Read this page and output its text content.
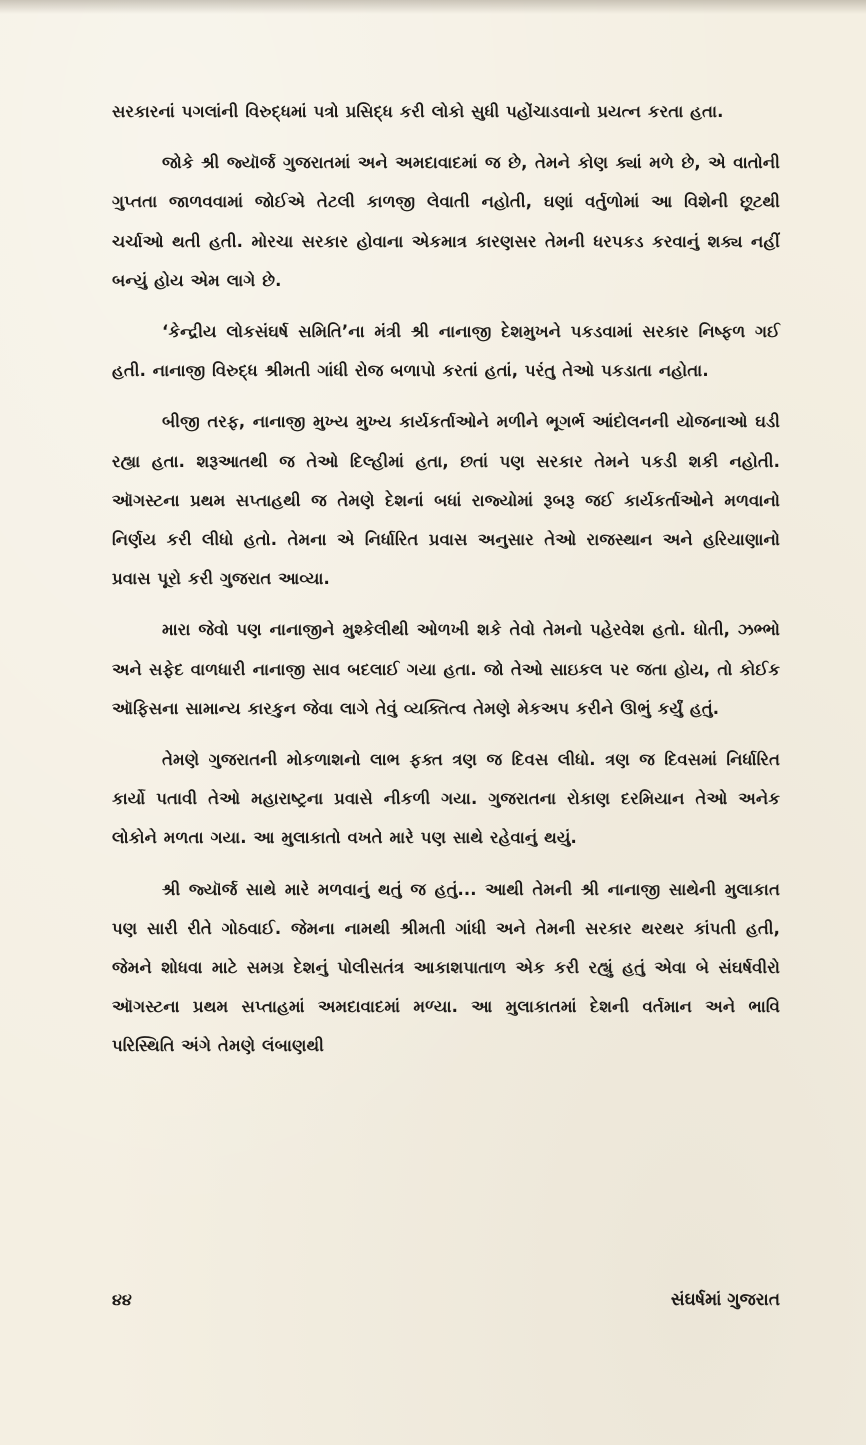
સરકારનાં પગલાંની વિરુદ્ધમાં પત્રો પ્રસિદ્ધ કરી લોકો સુધી પહોંચાડવાનો પ્રયત્ન કરતા હતા.

જોકે શ્રી જ્યૉર્જ ગુજરાતમાં અને અમદાવાદમાં જ છે, તેમને કોણ ક્યાં મળે છે, એ વાતોની ગુપ્તતા જાળવવામાં જોઈએ તેટલી કાળજી લેવાતી નહોતી, ઘણાં વર્તુળોમાં આ વિશેની છૂટથી ચર્ચાઓ થતી હતી. મોરચા સરકાર હોવાના એકમાત્ર કારણસર તેમની ધરપકડ કરવાનું શક્ય નહીં બન્યું હોય એમ લાગે છે.

‘કેન્દ્રીય લોકસંઘર્ષ સમિતિ’ના મંત્રી શ્રી નાનાજી દેશમુખને પકડવામાં સરકાર નિષ્ફળ ગઈ હતી. નાનાજી વિરુદ્ધ શ્રીમતી ગાંધી રોજ બળાપો કરતાં હતાં, પરંતુ તેઓ પકડાતા નહોતા.

બીજી તરફ, નાનાજી મુખ્ય મુખ્ય કાર્યકર્તાઓને મળીને ભૂગર્ભ આંદોલનની યોજનાઓ ઘડી રહ્યા હતા. શરૂઆતથી જ તેઓ દિલ્હીમાં હતા, છતાં પણ સરકાર તેમને પકડી શકી નહોતી. ઑગસ્ટના પ્રથમ સપ્તાહથી જ તેમણે દેશનાં બધાં રાજ્યોમાં રૂબરૂ જઈ કાર્યકર્તાઓને મળવાનો નિર્ણય કરી લીધો હતો. તેમના એ નિર્ધારિત પ્રવાસ અનુસાર તેઓ રાજસ્થાન અને હરિયાણાનો પ્રવાસ પૂરો કરી ગુજરાત આવ્યા.

મારા જેવો પણ નાનાજીને મુશ્કેલીથી ઓળખી શકે તેવો તેમનો પહેરવેશ હતો. ધોતી, ઝભ્ભો અને સફેદ વાળધારી નાનાજી સાવ બદલાઈ ગયા હતા. જો તેઓ સાઇકલ પર જતા હોય, તો કોઈક ઑફિસના સામાન્ય કારકુન જેવા લાગે તેવું વ્યક્તિત્વ તેમણે મેકઅપ કરીને ઊભું કર્યું હતું.

તેમણે ગુજરાતની મોકળાશનો લાભ ફક્ત ત્રણ જ દિવસ લીધો. ત્રણ જ દિવસમાં નિર્ધારિત કાર્યો પતાવી તેઓ મહારાષ્ટ્રના પ્રવાસે નીકળી ગયા. ગુજરાતના રોકાણ દરમિયાન તેઓ અનેક લોકોને મળતા ગયા. આ મુલાકાતો વખતે મારે પણ સાથે રહેવાનું થયું.

શ્રી જ્યૉર્જ સાથે મારે મળવાનું થતું જ હતું... આથી તેમની શ્રી નાનાજી સાથેની મુલાકાત પણ સારી રીતે ગોઠવાઈ. જેમના નામથી શ્રીમતી ગાંધી અને તેમની સરકાર થરથર કાંપતી હતી, જેમને શોધવા માટે સમગ્ર દેશનું પોલીસતંત્ર આકાશપાતાળ એક કરી રહ્યું હતું એવા બે સંઘર્ષવીરો ઑગસ્ટના પ્રથમ સપ્તાહમાં અમદાવાદમાં મળ્યા. આ મુલાકાતમાં દેશની વર્તમાન અને ભાવિ પરિસ્થિતિ અંગે તેમણે લંબાણથી

૪૪	સંઘર્ષમાં ગુજરાત
